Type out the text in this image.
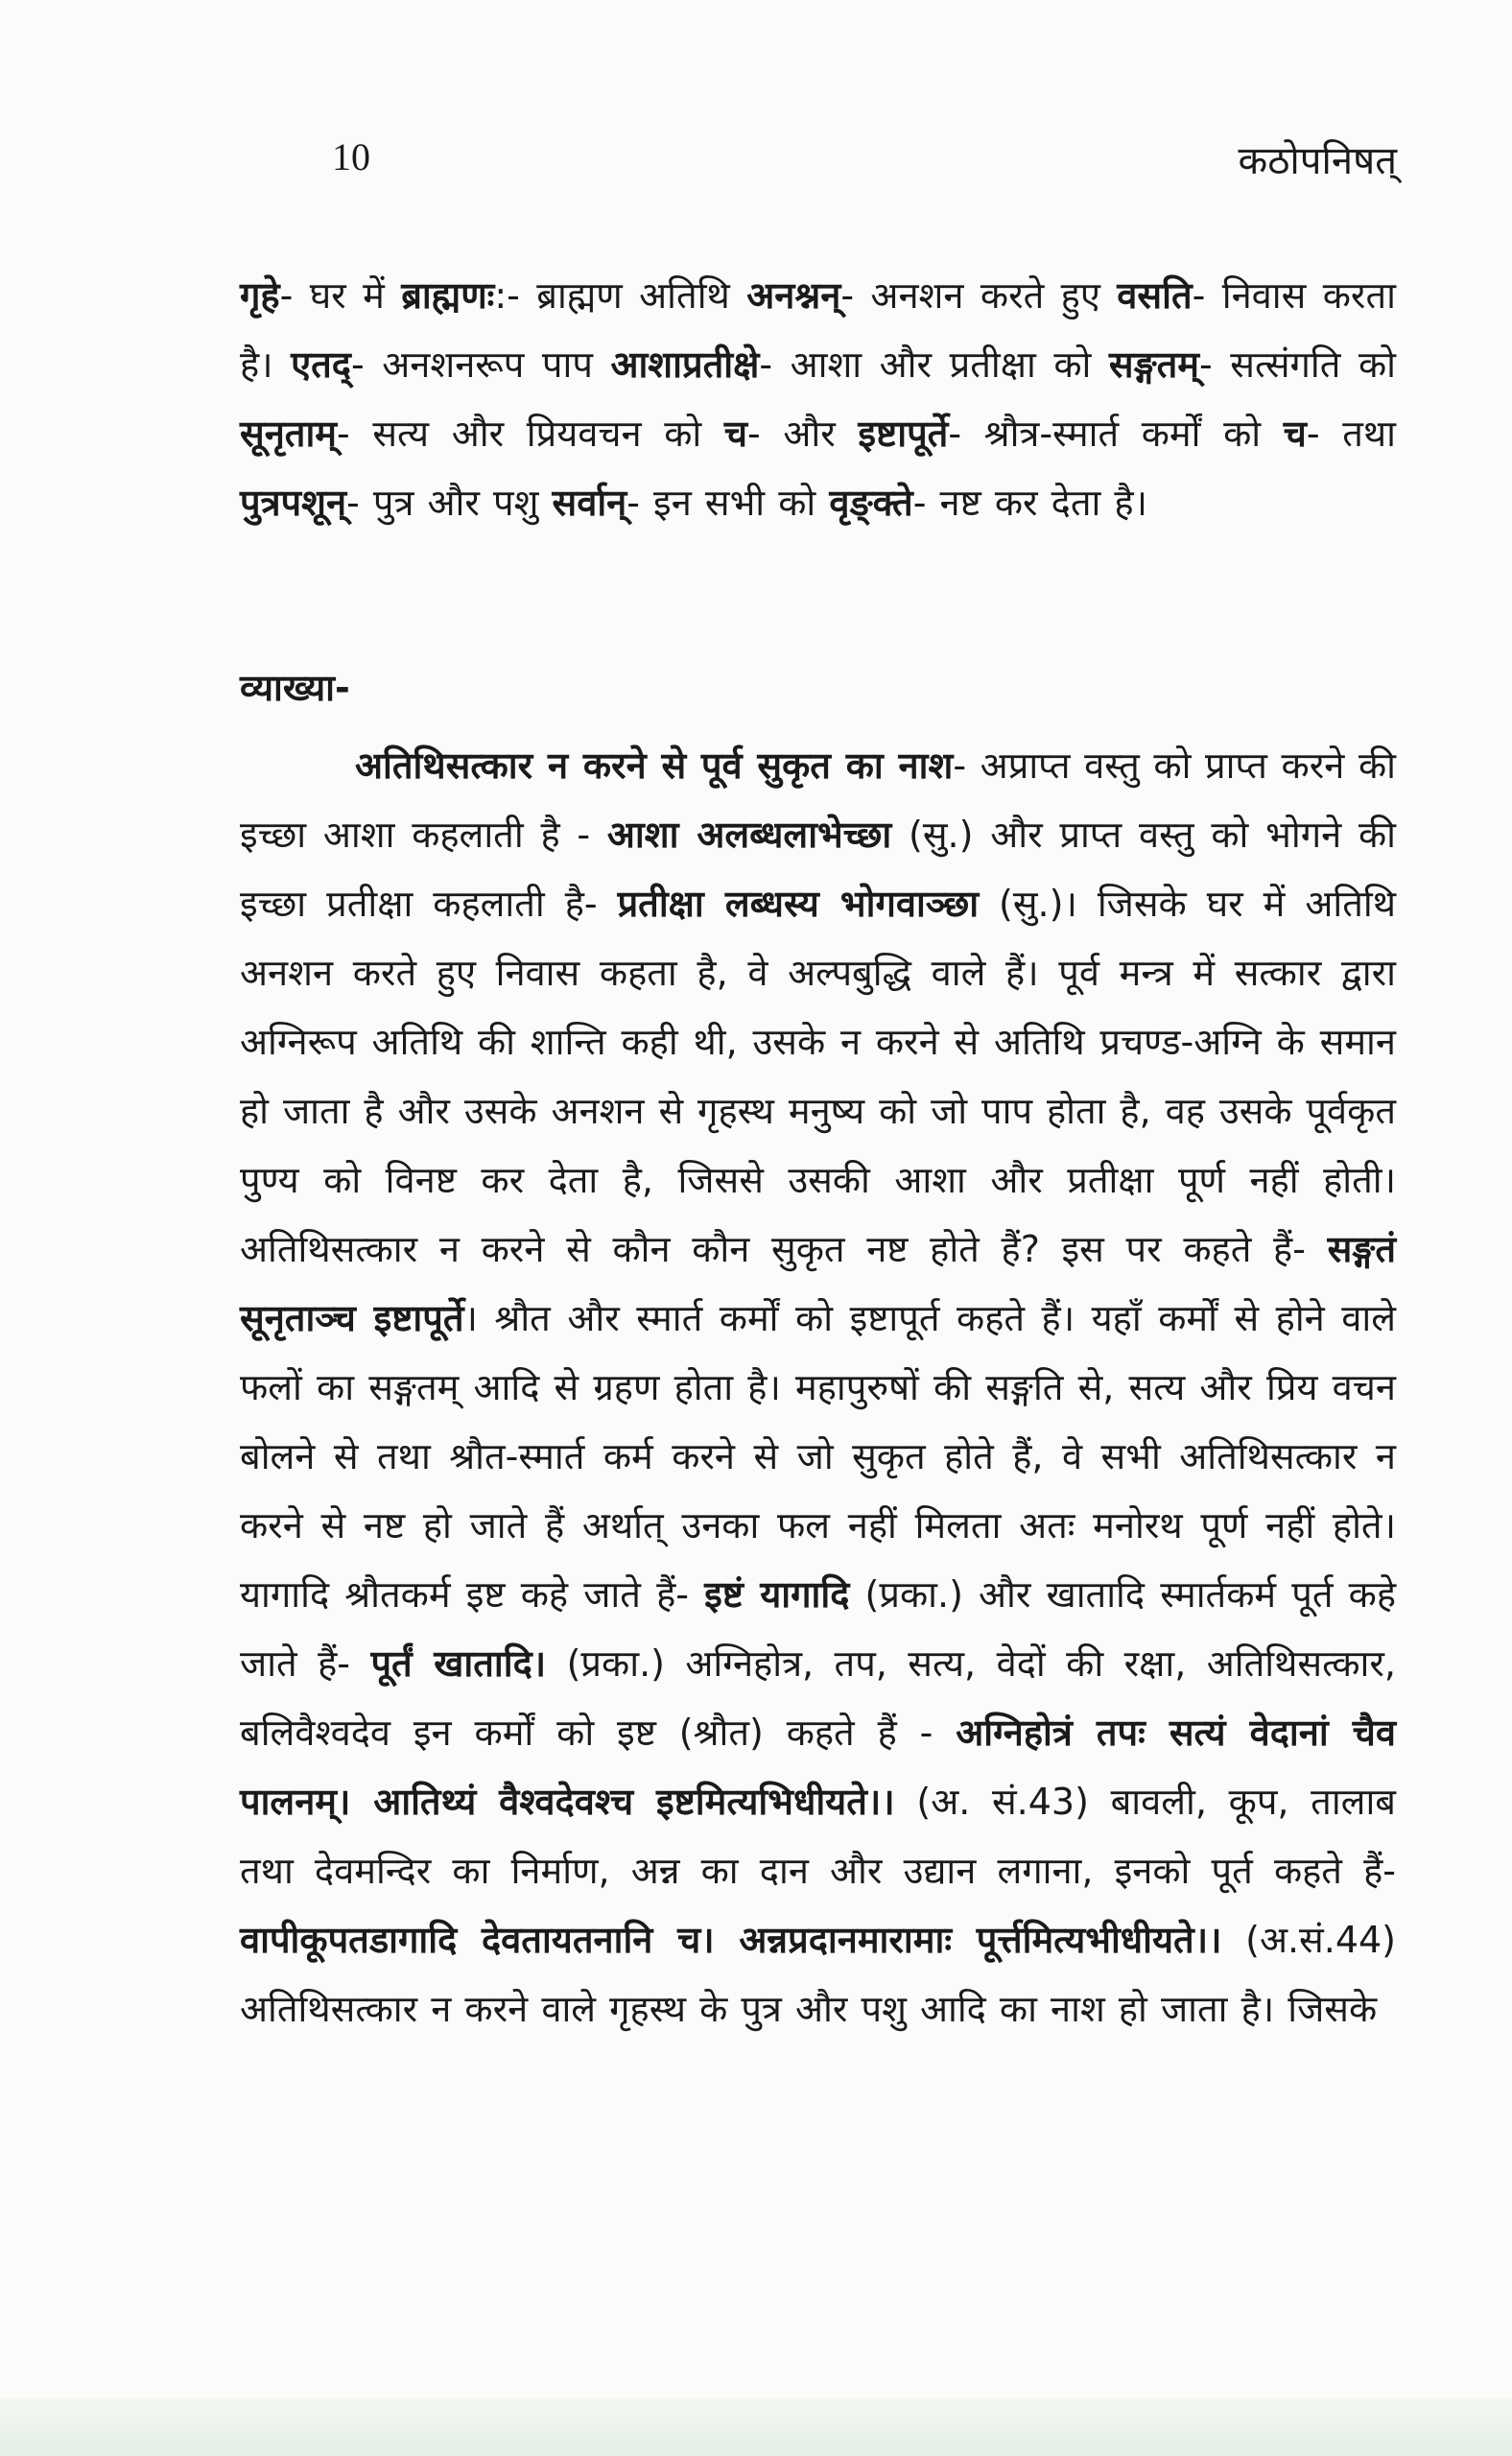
10	कठोपनिषत्
गृहे- घर में ब्राह्मणः:- ब्राह्मण अतिथि अनश्नन्- अनशन करते हुए वसति- निवास करता है। एतद्- अनशनरूप पाप आशाप्रतीक्षे- आशा और प्रतीक्षा को सङ्गतम्- सत्संगति को सूनृताम्- सत्य और प्रियवचन को च- और इष्टापूर्ते- श्रौत्र-स्मार्त कर्मों को च- तथा पुत्रपशून्- पुत्र और पशु सर्वान्- इन सभी को वृङ्क्ते- नष्ट कर देता है।
व्याख्या-
अतिथिसत्कार न करने से पूर्व सुकृत का नाश- अप्राप्त वस्तु को प्राप्त करने की इच्छा आशा कहलाती है - आशा अलब्धलाभेच्छा (सु.) और प्राप्त वस्तु को भोगने की इच्छा प्रतीक्षा कहलाती है- प्रतीक्षा लब्धस्य भोगवाञ्छा (सु.)। जिसके घर में अतिथि अनशन करते हुए निवास कहता है, वे अल्पबुद्धि वाले हैं। पूर्व मन्त्र में सत्कार द्वारा अग्निरूप अतिथि की शान्ति कही थी, उसके न करने से अतिथि प्रचण्ड-अग्नि के समान हो जाता है और उसके अनशन से गृहस्थ मनुष्य को जो पाप होता है, वह उसके पूर्वकृत पुण्य को विनष्ट कर देता है, जिससे उसकी आशा और प्रतीक्षा पूर्ण नहीं होती। अतिथिसत्कार न करने से कौन कौन सुकृत नष्ट होते हैं? इस पर कहते हैं- सङ्गतं सूनृताञ्च इष्टापूर्ते। श्रौत और स्मार्त कर्मों को इष्टापूर्त कहते हैं। यहाँ कर्मों से होने वाले फलों का सङ्गतम् आदि से ग्रहण होता है। महापुरुषों की सङ्गति से, सत्य और प्रिय वचन बोलने से तथा श्रौत-स्मार्त कर्म करने से जो सुकृत होते हैं, वे सभी अतिथिसत्कार न करने से नष्ट हो जाते हैं अर्थात् उनका फल नहीं मिलता अतः मनोरथ पूर्ण नहीं होते। यागादि श्रौतकर्म इष्ट कहे जाते हैं- इष्टं यागादि (प्रका.) और खातादि स्मार्तकर्म पूर्त कहे जाते हैं- पूर्तं खातादि। (प्रका.) अग्निहोत्र, तप, सत्य, वेदों की रक्षा, अतिथिसत्कार, बलिवैश्वदेव इन कर्मों को इष्ट (श्रौत) कहते हैं - अग्निहोत्रं तपः सत्यं वेदानां चैव पालनम्। आतिथ्यं वैश्वदेवश्च इष्टमित्यभिधीयते।। (अ. सं.43) बावली, कूप, तालाब तथा देवमन्दिर का निर्माण, अन्न का दान और उद्यान लगाना, इनको पूर्त कहते हैं- वापीकूपतडागादि देवतायतनानि च। अन्नप्रदानमारामाः पूर्त्तमित्यभीधीयते।। (अ.सं.44) अतिथिसत्कार न करने वाले गृहस्थ के पुत्र और पशु आदि का नाश हो जाता है। जिसके
